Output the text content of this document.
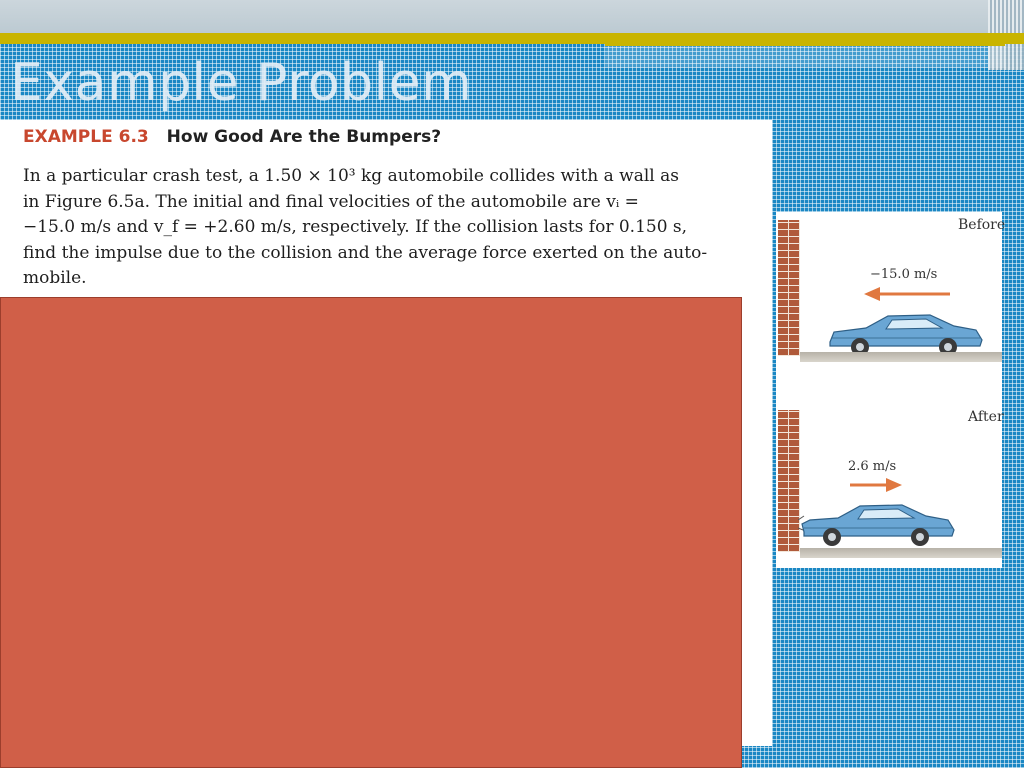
Example Problem
EXAMPLE 6.3 How Good Are the Bumpers?
In a particular crash test, a 1.50 × 10³ kg automobile collides with a wall as
in Figure 6.5a. The initial and final velocities of the automobile are vᵢ =
−15.0 m/s and v_f = +2.60 m/s, respectively. If the collision lasts for 0.150 s,
find the impulse due to the collision and the average force exerted on the auto-
mobile.
Before
−15.0 m/s
After
2.6 m/s
